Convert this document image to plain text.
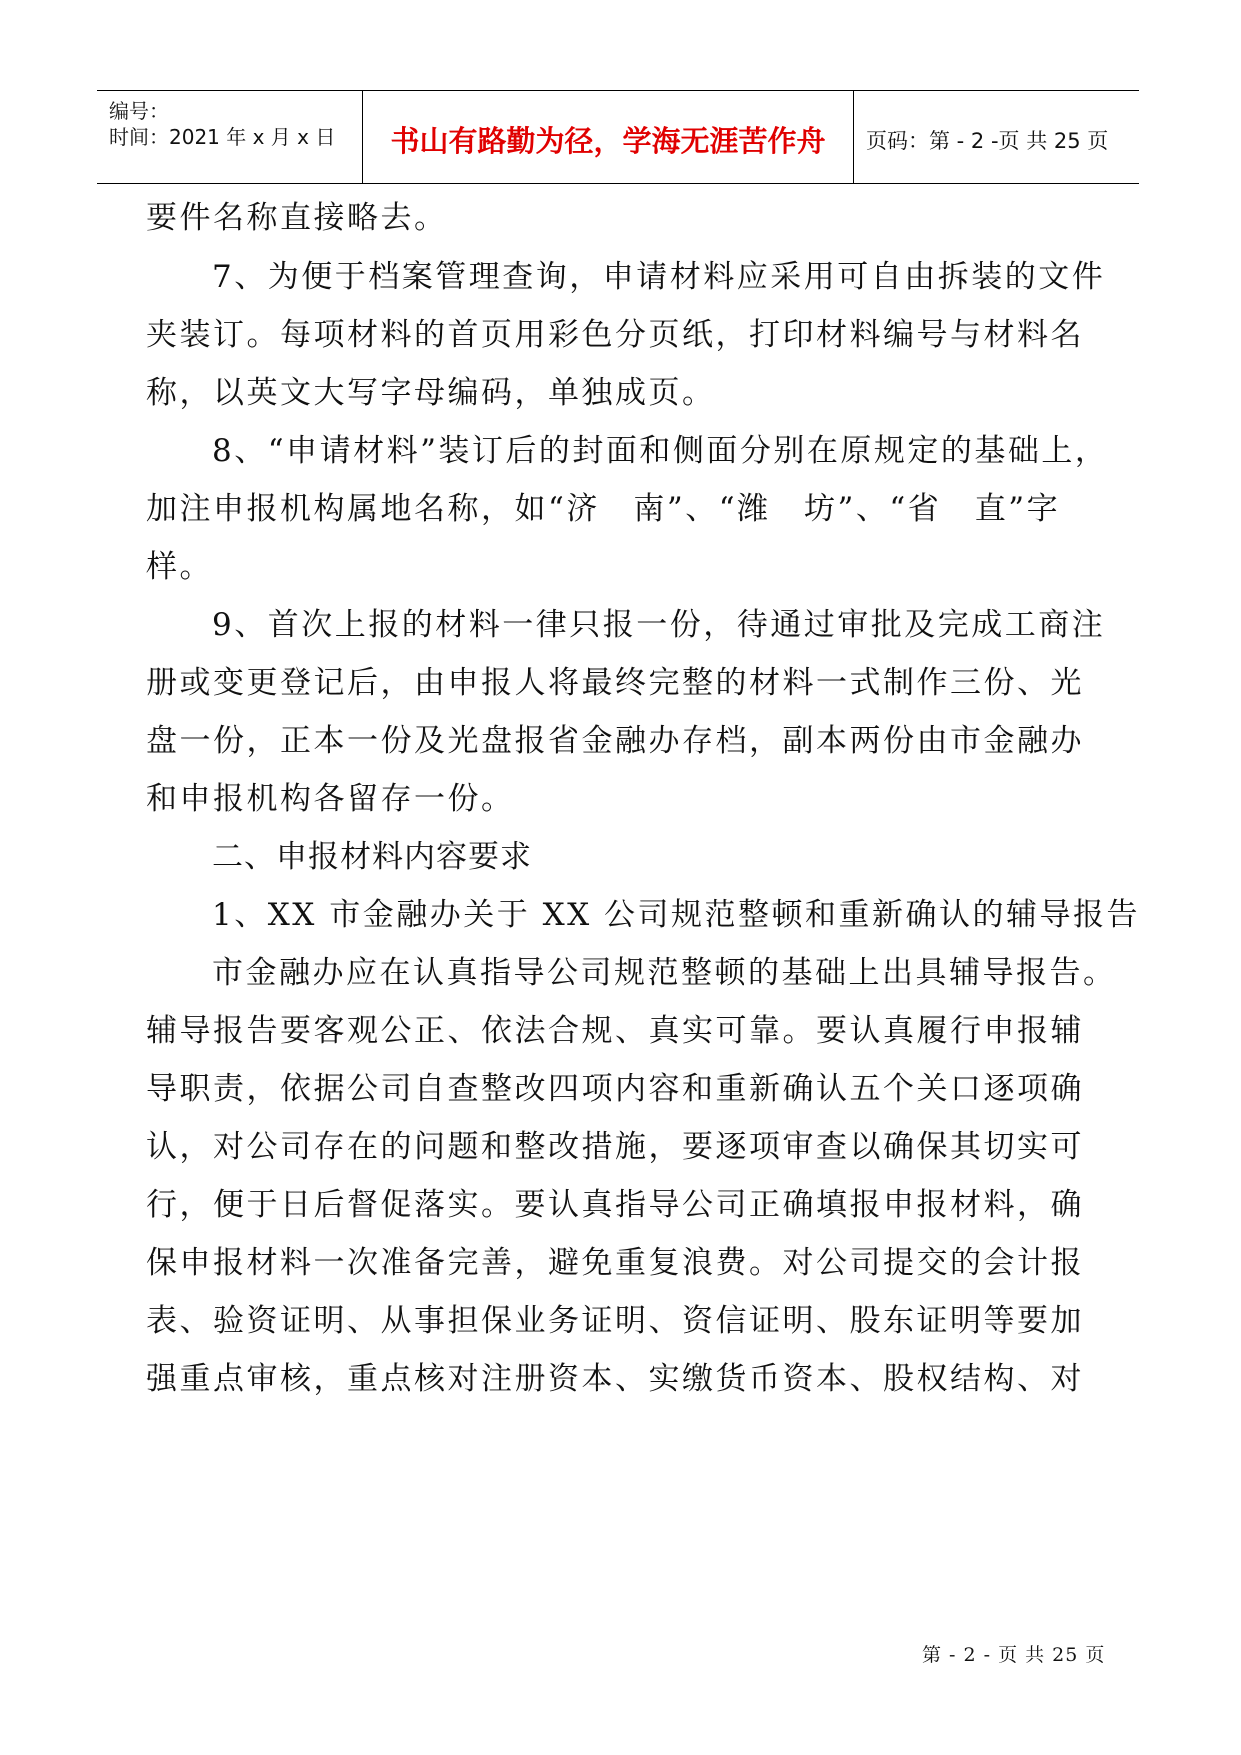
编号：
时间：2021 年 x 月 x 日	书山有路勤为径，学海无涯苦作舟	页码：第 - 2 -页 共 25 页
要件名称直接略去。
7、为便于档案管理查询，申请材料应采用可自由拆装的文件
夹装订。每项材料的首页用彩色分页纸，打印材料编号与材料名
称，以英文大写字母编码，单独成页。
8、“申请材料”装订后的封面和侧面分别在原规定的基础上，
加注申报机构属地名称，如“济　南”、“潍　坊”、“省　直”字
样。
9、首次上报的材料一律只报一份，待通过审批及完成工商注
册或变更登记后，由申报人将最终完整的材料一式制作三份、光
盘一份，正本一份及光盘报省金融办存档，副本两份由市金融办
和申报机构各留存一份。
二、申报材料内容要求
1、XX 市金融办关于 XX 公司规范整顿和重新确认的辅导报告
市金融办应在认真指导公司规范整顿的基础上出具辅导报告。
辅导报告要客观公正、依法合规、真实可靠。要认真履行申报辅
导职责，依据公司自查整改四项内容和重新确认五个关口逐项确
认，对公司存在的问题和整改措施，要逐项审查以确保其切实可
行，便于日后督促落实。要认真指导公司正确填报申报材料，确
保申报材料一次准备完善，避免重复浪费。对公司提交的会计报
表、验资证明、从事担保业务证明、资信证明、股东证明等要加
强重点审核，重点核对注册资本、实缴货币资本、股权结构、对
第 - 2 - 页 共 25 页
